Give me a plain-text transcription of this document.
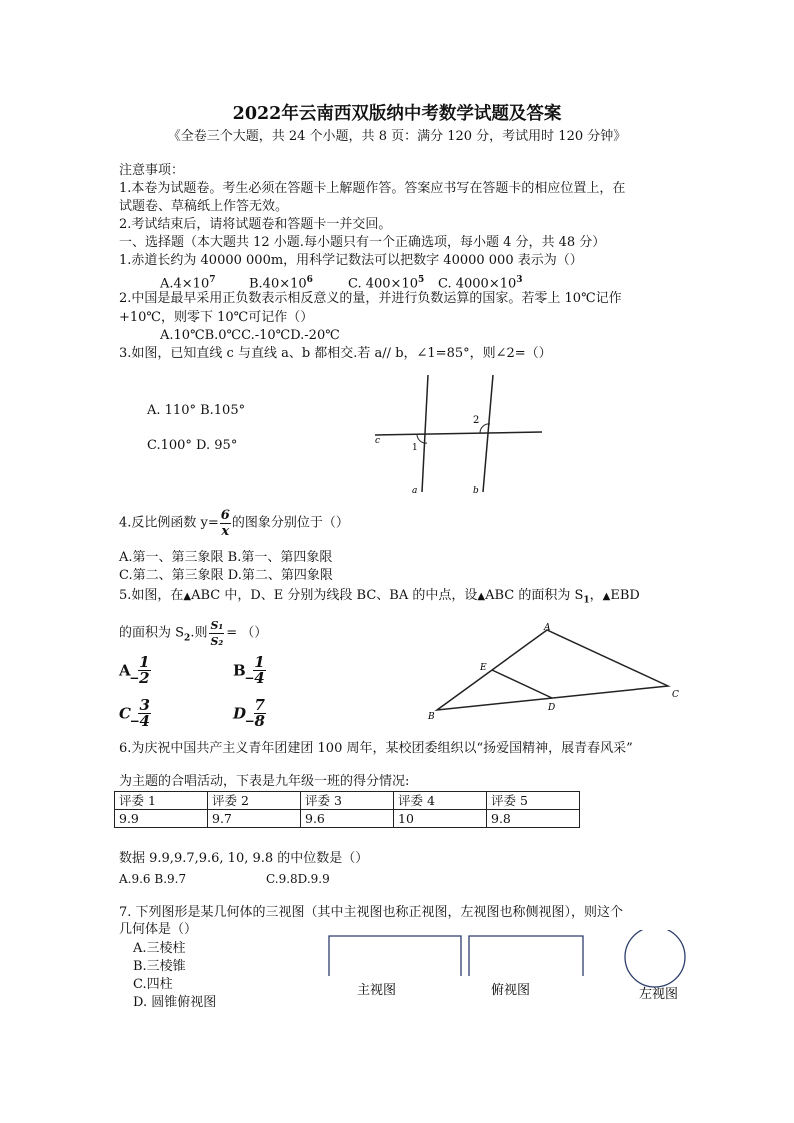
2022年云南西双版纳中考数学试题及答案
《全卷三个大题，共 24 个小题，共 8 页：满分 120 分，考试用时 120 分钟》
注意事项：
1.本卷为试题卷。考生必须在答题卡上解题作答。答案应书写在答题卡的相应位置上，在
试题卷、草稿纸上作答无效。
2.考试结束后，请将试题卷和答题卡一并交回。
一、选择题（本大题共 12 小题.每小题只有一个正确选项，每小题 4 分，共 48 分）
1.赤道长约为 40000 000m，用科学记数法可以把数字 40000 000 表示为（）
$A.4\times 10^7$	$B.40\times 10^6$	C. $400\times 10^5$ C. $4000\times 10^3$
2.中国是最早采用正负数表示相反意义的量，并进行负数运算的国家。若零上 10℃记作
+10℃，则零下 10℃可记作（）
A.10℃B.0℃C.-10℃D.-20℃
3.如图，已知直线 c 与直线 a、b 都相交.若 a// b，∠1=85°，则∠2=（）
A. 110° B.105°
C.100° D. 95°	c
1
2
a	b
4.反比例函数 $y= \frac{6}{x}$ 的图象分别位于（）
A.第一、第三象限 B.第一、第四象限
C.第二、第三象限 D.第二、第四象限
5.如图，在▲ABC 中，D、E 分别为线段 BC、BA 的中点，设▲ABC 的面积为 $S_1$，▲EBD
的面积为 $S_2$.则 $\frac{\text{S₁}}{\text{S₂}}$ = （）
A_ $\frac{1}{2}$	B_ $\frac{1}{4}$
C_ $\frac{3}{4}$	D_ $\frac{7}{8}$
A
B
C
D
E
6.为庆祝中国共产主义青年团建团 100 周年，某校团委组织以“扬爱国精神，展青春风采”
为主题的合唱活动，下表是九年级一班的得分情况:
评委 1	评委 2	评委 3	评委 4	评委 5
9.9	9.7	9.6	10	9.8
数据 9.9,9.7,9.6, 10, 9.8 的中位数是（）
A.9.6 B.9.7	C.9.8D.9.9
7. 下列图形是某几何体的三视图（其中主视图也称正视图，左视图也称侧视图），则这个
几何体是（）
A.三棱柱
B.三棱锥
C.四柱
D. 圆锥俯视图
主视图	俯视图	左视图
